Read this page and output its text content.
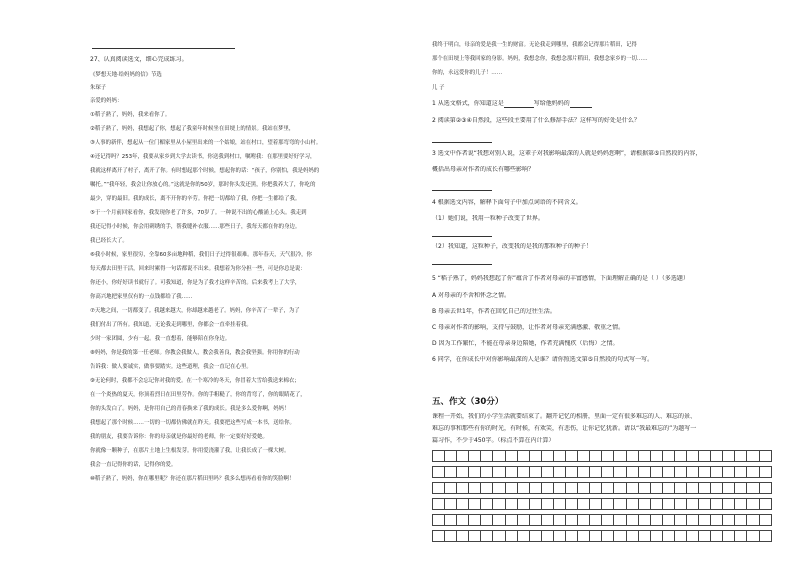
27、认真阅读选文，细心完成练习。
《梦想天地·给妈妈的信》节选
朱琛子
亲爱的妈妈：
①稻子熟了，妈妈，我来看你了。
②稻子熟了，妈妈，我想起了你，想起了我童年时候坐在田埂上的情景。我站在梦里，
③人事的新伴，想起从一位门楣家里从小屋里出来的一个姑娘，站在村口，望着那弯弯的小山村。
④还记得吗？253年，我要从家乡到大学去读书，你送我到村口，嘱咐我：在那里要好好学习，
我就这样离开了村子，离开了你。有时想起那个时候，想起你的话：“孩子，你别怕，我是妈妈的
嘱托。”“我年轻，我会让你放心的。”这就是你的50岁，那时你头发还黑，你把我养大了，你吃的
最少，穿的最旧。我的成长，离不开你的辛劳。你把一切都给了我，你把一生都给了我。
⑤于一个月前回家看你，我发现你老了许多，70岁了。一种说不出的心酸涌上心头。我走到
我还记得小时候，你会用刺绣的手，帮我缝补衣服……那些日子，我每天都在你的身边。
我已经长大了。
⑥我小时候，家里很穷，全靠60多亩地种稻，我们日子过得很艰难。那年春天，天气很冷，你
每天都去田里干活，回来时累得一句话都说不出来。我想着为你分担一些，可是你总是说：
你还小，你好好读书就行了。可我知道，你是为了我才这样辛苦的。后来我考上了大学，
你高兴地把家里仅有的一点钱都给了我……
⑦天地之间，一切都变了。我越来越大，你却越来越老了。妈妈，你辛苦了一辈子，为了
我们付出了所有。我知道，无论我走到哪里，你都会一直牵挂着我。
少时一家团圆，少有一起。我一直想着，能够陪在你身边。
⑧妈妈，你是我的第一任老师。你教会我做人，教会我善良，教会我坚强。你用你的行动
告诉我：做人要诚实，做事要踏实。这些道理，我会一直记在心里。
⑨无论何时，我都不会忘记你对我的爱。在一个寒冷的冬天，你冒着大雪给我送来棉衣；
在一个炎热的夏天，你顶着烈日在田里劳作。你的手粗糙了，你的背弯了，你的眼睛花了，
你的头发白了。妈妈，是你用自己的青春换来了我的成长。我是多么爱你啊，妈妈！
我想起了那个时候……一切的一切都仿佛就在昨天。我要把这些写成一本书，送给你。
我的朋友，我要告诉你：你的母亲就是你最好的老师，你一定要好好爱她。
你就像一颗种子，在那片土地上生根发芽。你用爱浇灌了我，让我长成了一棵大树。
我会一直记得你的话，记得你的爱。
⑩稻子熟了，妈妈，你在哪里呢？你还在那片稻田里吗？我多么想再看看你的笑脸啊！
我终于明白，母亲的爱是我一生的财富。无论我走到哪里，我都会记得那片稻田，记得
那个在田埂上等我回家的身影。妈妈，我想念你，我想念那片稻田，我想念家乡的一切……
你的，永远爱你的儿子！……
儿 子
1 从选文格式，你知道这是	写给他妈妈的
2 阅读第②③④自然段，这些段主要用了什么修辞手法？这样写的好处是什么？
3 选文中作者说“我想对别人说，这辈子对我影响最深的人就是妈妈您啊”，请根据第⑤自然段的内容，
概括出母亲对作者的成长有哪些影响？
4 根据选文内容，解释下面句子中加点词语的不同含义。
（1）她们说，我用一粒种子改变了世界。
（2）我知道，这粒种子，改变我的是我的那粒种子的种子！
5 “稻子熟了，妈妈我想起了你”蕴含了作者对母亲的丰富感情，下面理解正确的是（ ）（多选题）
A 对母亲的不舍和怀念之情。
B 母亲去世1年，作者在回忆自己的过往生活。
C 母亲对作者的影响，支持与鼓励，让作者对母亲充满感激、敬重之情。
D 因为工作繁忙，不能在母亲身边陪她，作者充满愧疚（后悔）之情。
6 同学，在你成长中对你影响最深的人是谁？请你照选文第⑤自然段的句式写一写。
五、作文（30分）
课程一开始，我们的小学生活就要结束了。翻开记忆的相册，里面一定有很多难忘的人、难忘的景、
难忘的事和那些有你的时光，有时候，有欢笑，有悲伤，让你记忆犹新。请以“我最难忘的”为题写一
篇习作，不少于450字。（标点不算在内计算）
